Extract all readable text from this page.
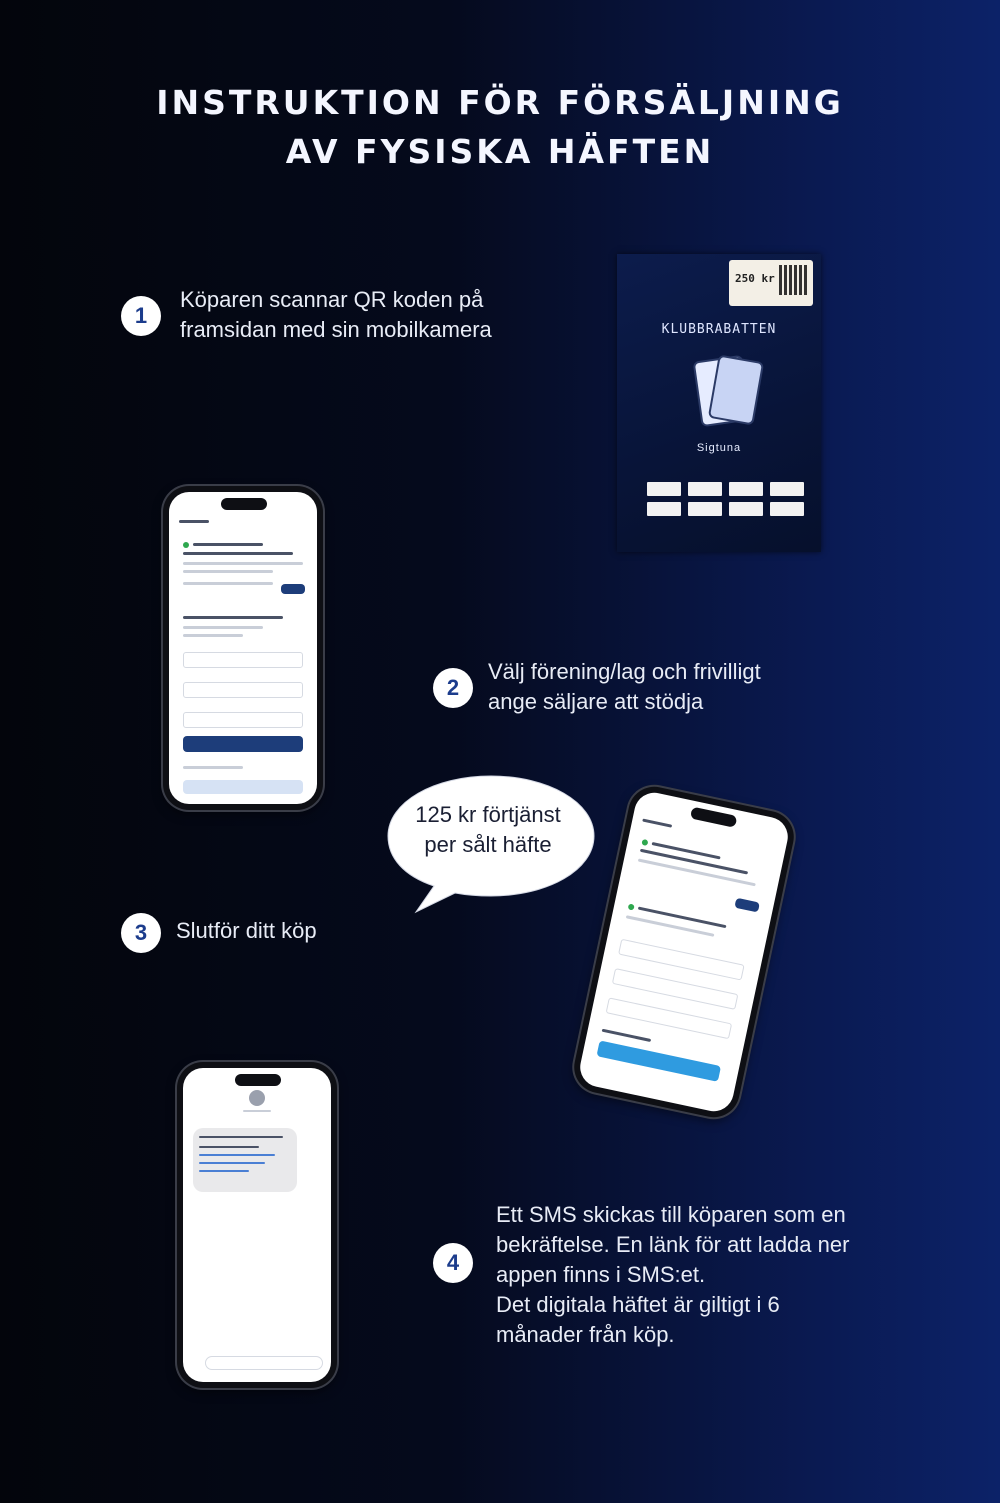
INSTRUKTION FÖR FÖRSÄLJNING
AV FYSISKA HÄFTEN
1
Köparen scannar QR koden på
framsidan med sin mobilkamera
250 kr
KLUBBRABATTEN
Sigtuna
2
Välj förening/lag och frivilligt
ange säljare att stödja
125 kr förtjänst
per sålt häfte
3	Slutför ditt köp
4
Ett SMS skickas till köparen som en
bekräftelse. En länk för att ladda ner
appen finns i SMS:et.
Det digitala häftet är giltigt i 6
månader från köp.
